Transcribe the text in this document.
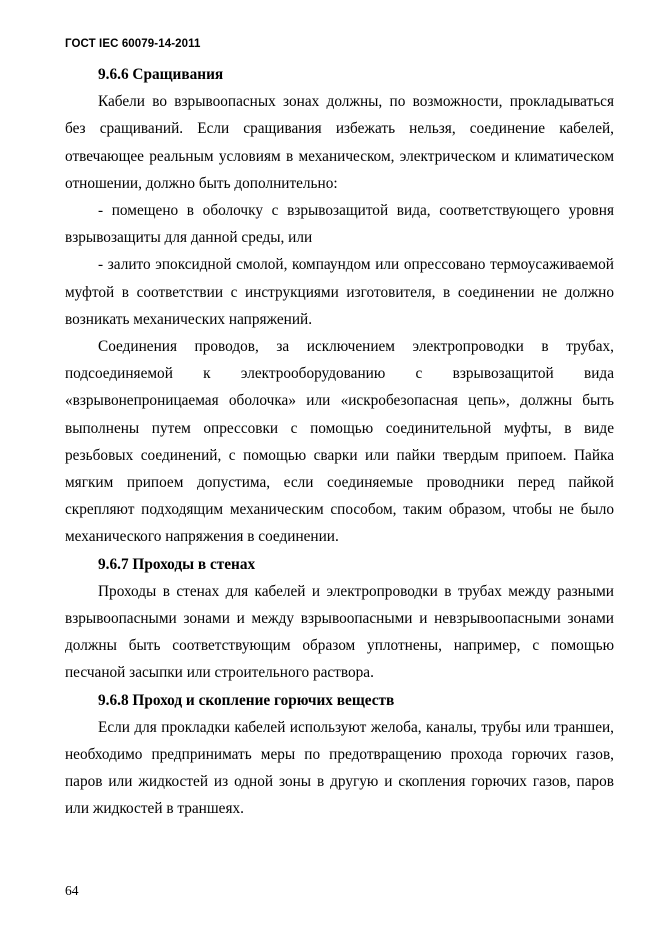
ГОСТ IEC 60079-14-2011

9.6.6 Сращивания

Кабели во взрывоопасных зонах должны, по возможности, прокладываться без сращиваний. Если сращивания избежать нельзя, соединение кабелей, отвечающее реальным условиям в механическом, электрическом и климатическом отношении, должно быть дополнительно:

- помещено в оболочку с взрывозащитой вида, соответствующего уровня взрывозащиты для данной среды, или

- залито эпоксидной смолой, компаундом или опрессовано термоусаживаемой муфтой в соответствии с инструкциями изготовителя, в соединении не должно возникать механических напряжений.

Соединения проводов, за исключением электропроводки в трубах, подсоединяемой к электрооборудованию с взрывозащитой вида «взрывонепроницаемая оболочка» или «искробезопасная цепь», должны быть выполнены путем опрессовки с помощью соединительной муфты, в виде резьбовых соединений, с помощью сварки или пайки твердым припоем. Пайка мягким припоем допустима, если соединяемые проводники перед пайкой скрепляют подходящим механическим способом, таким образом, чтобы не было механического напряжения в соединении.

9.6.7 Проходы в стенах

Проходы в стенах для кабелей и электропроводки в трубах между разными взрывоопасными зонами и между взрывоопасными и невзрывоопасными зонами должны быть соответствующим образом уплотнены, например, с помощью песчаной засыпки или строительного раствора.

9.6.8 Проход и скопление горючих веществ

Если для прокладки кабелей используют желоба, каналы, трубы или траншеи, необходимо предпринимать меры по предотвращению прохода горючих газов, паров или жидкостей из одной зоны в другую и скопления горючих газов, паров или жидкостей в траншеях.

64
